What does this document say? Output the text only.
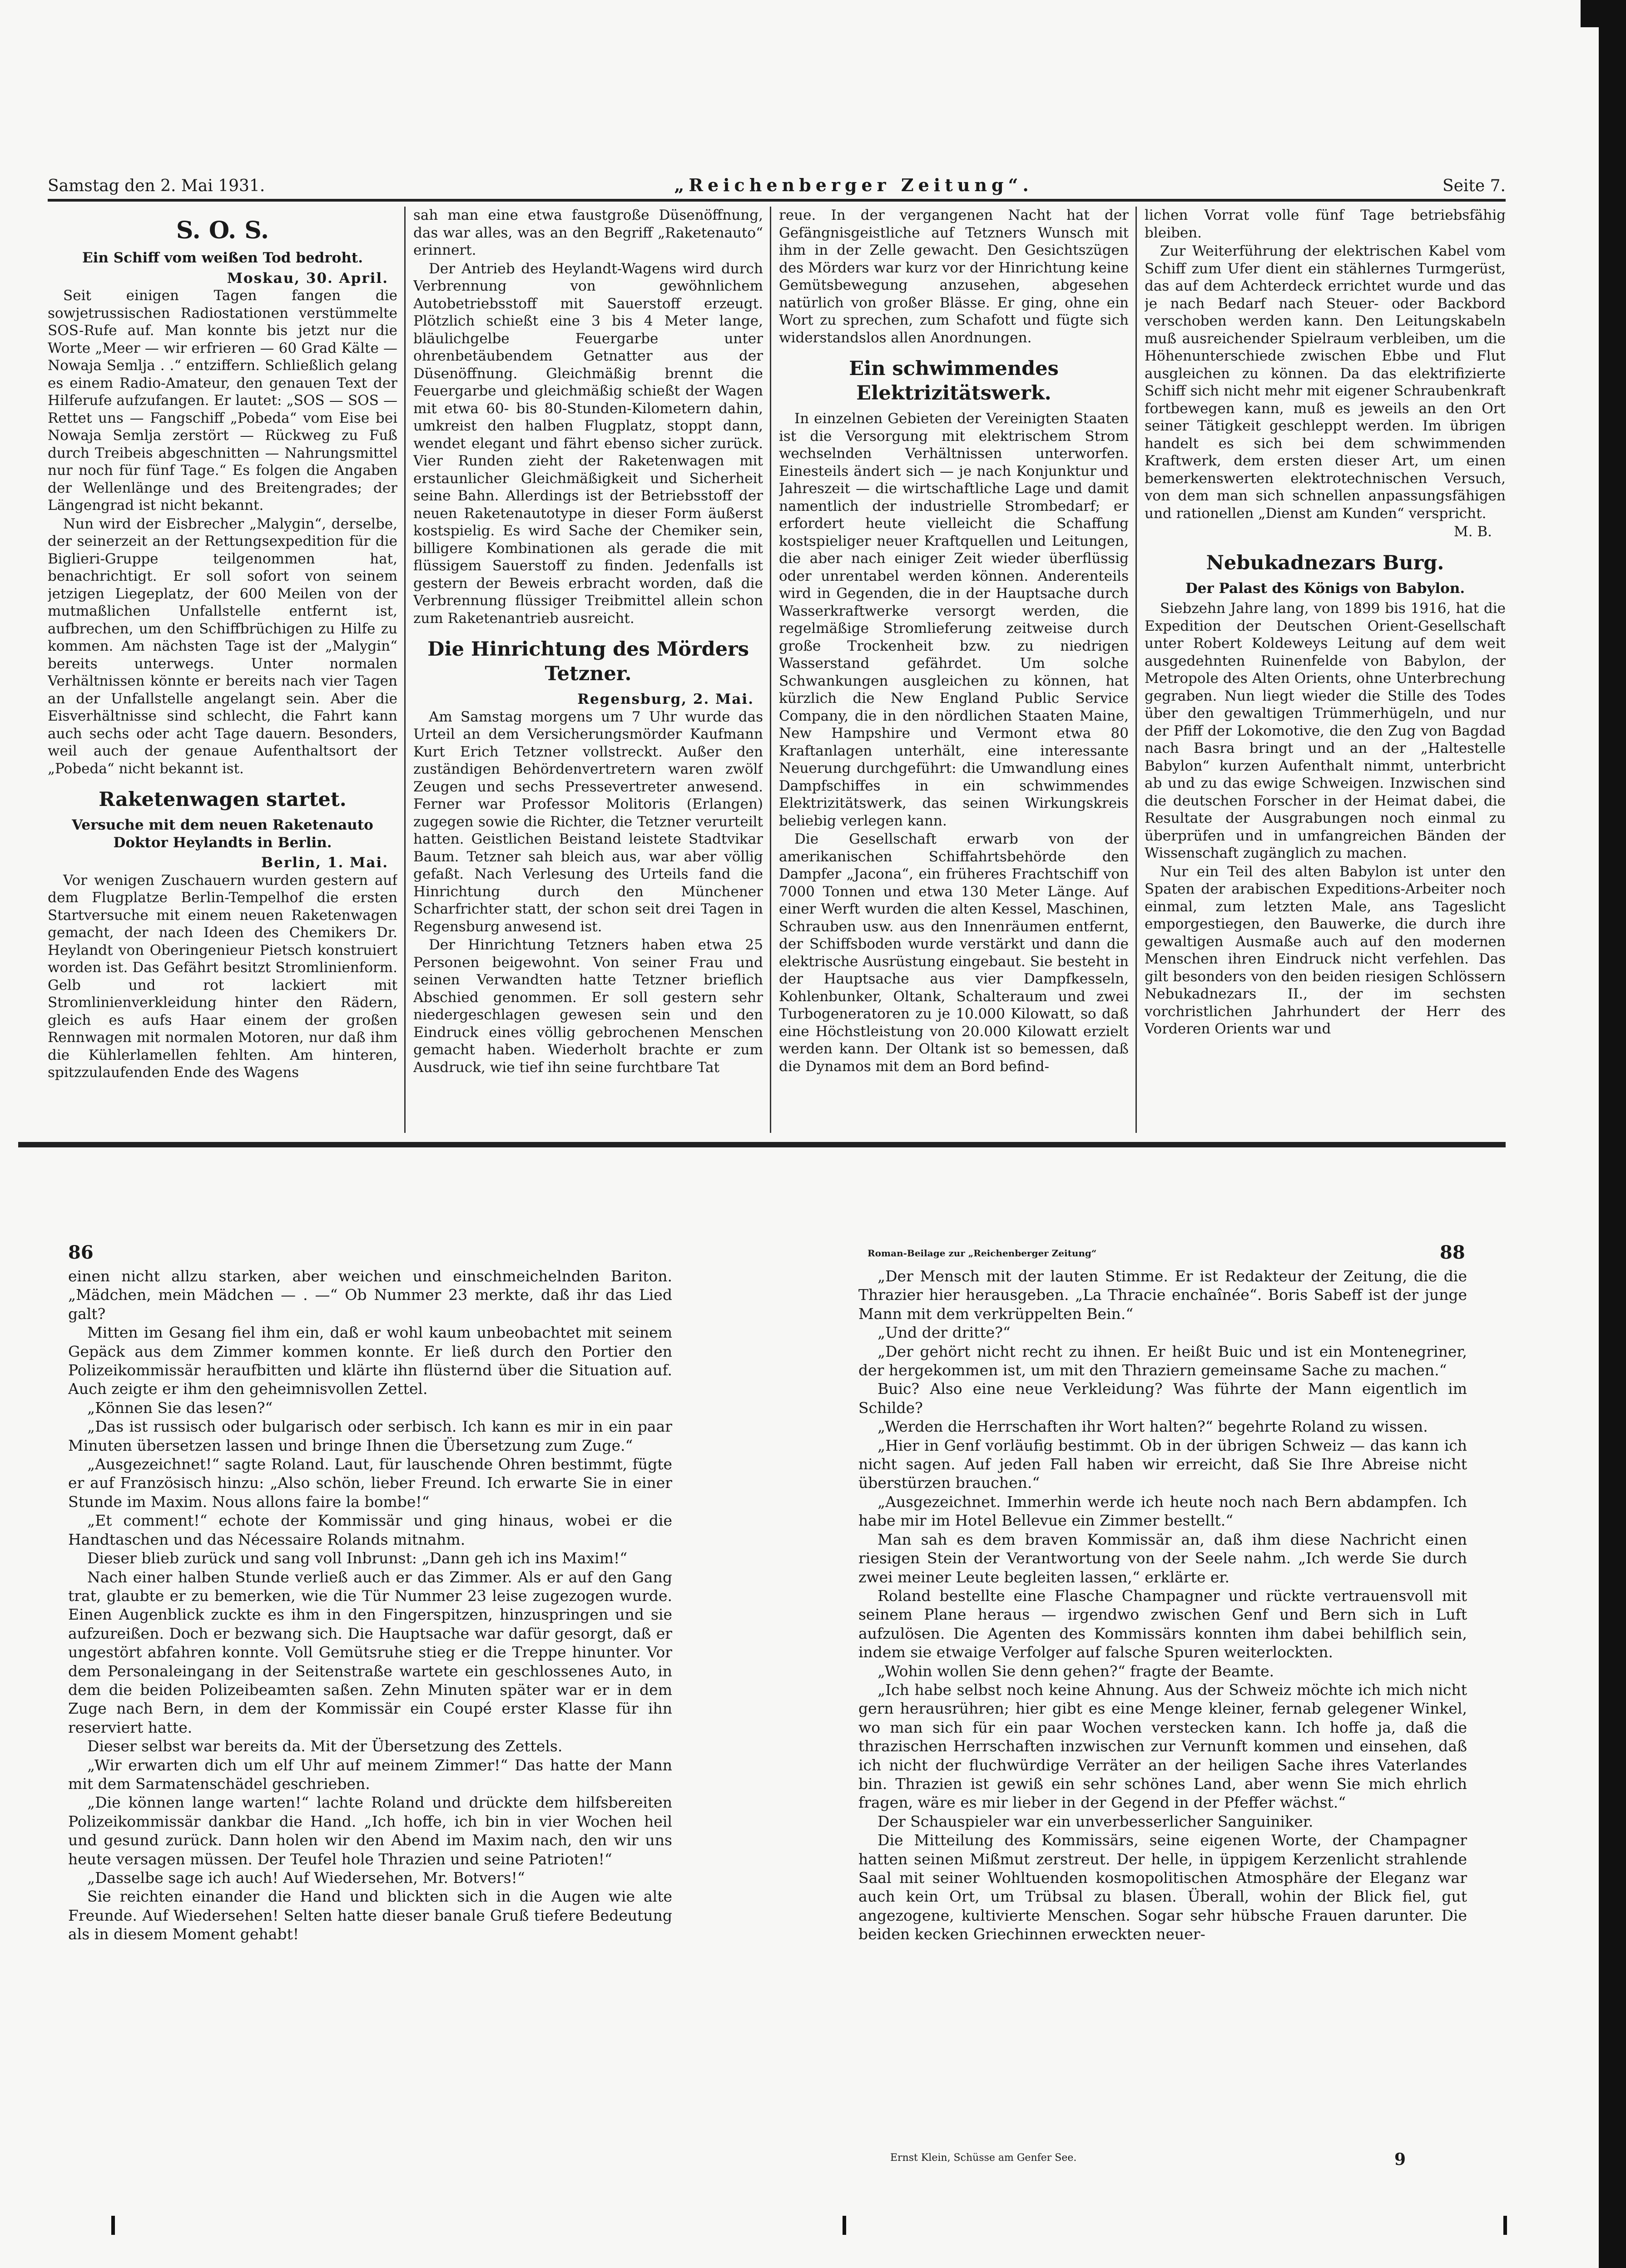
Samstag den 2. Mai 1931.	„Reichenberger Zeitung“.	Seite 7.
S. O. S.
Ein Schiff vom weißen Tod bedroht.
Moskau, 30. April.

Seit einigen Tagen fangen die sowjetrussischen Radiostationen verstümmelte SOS-Rufe auf. Man konnte bis jetzt nur die Worte „Meer — wir erfrieren — 60 Grad Kälte — Nowaja Semlja . .“ entziffern. Schließlich gelang es einem Radio-Amateur, den genauen Text der Hilferufe aufzufangen. Er lautet: „SOS — SOS — Rettet uns — Fangschiff „Pobeda“ vom Eise bei Nowaja Semlja zerstört — Rückweg zu Fuß durch Treibeis abgeschnitten — Nahrungsmittel nur noch für fünf Tage.“ Es folgen die Angaben der Wellenlänge und des Breitengrades; der Längengrad ist nicht bekannt.

Nun wird der Eisbrecher „Malygin“, derselbe, der seinerzeit an der Rettungsexpedition für die Biglieri-Gruppe teilgenommen hat, benachrichtigt. Er soll sofort von seinem jetzigen Liegeplatz, der 600 Meilen von der mutmaßlichen Unfallstelle entfernt ist, aufbrechen, um den Schiffbrüchigen zu Hilfe zu kommen. Am nächsten Tage ist der „Malygin“ bereits unterwegs. Unter normalen Verhältnissen könnte er bereits nach vier Tagen an der Unfallstelle angelangt sein. Aber die Eisverhältnisse sind schlecht, die Fahrt kann auch sechs oder acht Tage dauern. Besonders, weil auch der genaue Aufenthaltsort der „Pobeda“ nicht bekannt ist.

Raketenwagen startet.
Versuche mit dem neuen Raketenauto Doktor Heylandts in Berlin.
Berlin, 1. Mai.

Vor wenigen Zuschauern wurden gestern auf dem Flugplatze Berlin-Tempelhof die ersten Startversuche mit einem neuen Raketenwagen gemacht, der nach Ideen des Chemikers Dr. Heylandt von Oberingenieur Pietsch konstruiert worden ist. Das Gefährt besitzt Stromlinienform. Gelb und rot lackiert mit Stromlinienverkleidung hinter den Rädern, gleich es aufs Haar einem der großen Rennwagen mit normalen Motoren, nur daß ihm die Kühlerlamellen fehlten. Am hinteren, spitzzulaufenden Ende des Wagens

sah man eine etwa faustgroße Düsenöffnung, das war alles, was an den Begriff „Raketenauto“ erinnert.

Der Antrieb des Heylandt-Wagens wird durch Verbrennung von gewöhnlichem Autobetriebsstoff mit Sauerstoff erzeugt. Plötzlich schießt eine 3 bis 4 Meter lange, bläulichgelbe Feuergarbe unter ohrenbetäubendem Getnatter aus der Düsenöffnung. Gleichmäßig brennt die Feuergarbe und gleichmäßig schießt der Wagen mit etwa 60- bis 80-Stunden-Kilometern dahin, umkreist den halben Flugplatz, stoppt dann, wendet elegant und fährt ebenso sicher zurück. Vier Runden zieht der Raketenwagen mit erstaunlicher Gleichmäßigkeit und Sicherheit seine Bahn. Allerdings ist der Betriebsstoff der neuen Raketenautotype in dieser Form äußerst kostspielig. Es wird Sache der Chemiker sein, billigere Kombinationen als gerade die mit flüssigem Sauerstoff zu finden. Jedenfalls ist gestern der Beweis erbracht worden, daß die Verbrennung flüssiger Treibmittel allein schon zum Raketenantrieb ausreicht.

Die Hinrichtung des Mörders Tetzner.
Regensburg, 2. Mai.

Am Samstag morgens um 7 Uhr wurde das Urteil an dem Versicherungsmörder Kaufmann Kurt Erich Tetzner vollstreckt. Außer den zuständigen Behördenvertretern waren zwölf Zeugen und sechs Pressevertreter anwesend. Ferner war Professor Molitoris (Erlangen) zugegen sowie die Richter, die Tetzner verurteilt hatten. Geistlichen Beistand leistete Stadtvikar Baum. Tetzner sah bleich aus, war aber völlig gefaßt. Nach Verlesung des Urteils fand die Hinrichtung durch den Münchener Scharfrichter statt, der schon seit drei Tagen in Regensburg anwesend ist.

Der Hinrichtung Tetzners haben etwa 25 Personen beigewohnt. Von seiner Frau und seinen Verwandten hatte Tetzner brieflich Abschied genommen. Er soll gestern sehr niedergeschlagen gewesen sein und den Eindruck eines völlig gebrochenen Menschen gemacht haben. Wiederholt brachte er zum Ausdruck, wie tief ihn seine furchtbare Tat

reue. In der vergangenen Nacht hat der Gefängnisgeistliche auf Tetzners Wunsch mit ihm in der Zelle gewacht. Den Gesichtszügen des Mörders war kurz vor der Hinrichtung keine Gemütsbewegung anzusehen, abgesehen natürlich von großer Blässe. Er ging, ohne ein Wort zu sprechen, zum Schafott und fügte sich widerstandslos allen Anordnungen.

Ein schwimmendes Elektrizitätswerk.

In einzelnen Gebieten der Vereinigten Staaten ist die Versorgung mit elektrischem Strom wechselnden Verhältnissen unterworfen. Einesteils ändert sich — je nach Konjunktur und Jahreszeit — die wirtschaftliche Lage und damit namentlich der industrielle Strombedarf; er erfordert heute vielleicht die Schaffung kostspieliger neuer Kraftquellen und Leitungen, die aber nach einiger Zeit wieder überflüssig oder unrentabel werden können. Anderenteils wird in Gegenden, die in der Hauptsache durch Wasserkraftwerke versorgt werden, die regelmäßige Stromlieferung zeitweise durch große Trockenheit bzw. zu niedrigen Wasserstand gefährdet. Um solche Schwankungen ausgleichen zu können, hat kürzlich die New England Public Service Company, die in den nördlichen Staaten Maine, New Hampshire und Vermont etwa 80 Kraftanlagen unterhält, eine interessante Neuerung durchgeführt: die Umwandlung eines Dampfschiffes in ein schwimmendes Elektrizitätswerk, das seinen Wirkungskreis beliebig verlegen kann.

Die Gesellschaft erwarb von der amerikanischen Schiffahrtsbehörde den Dampfer „Jacona“, ein früheres Frachtschiff von 7000 Tonnen und etwa 130 Meter Länge. Auf einer Werft wurden die alten Kessel, Maschinen, Schrauben usw. aus den Innenräumen entfernt, der Schiffsboden wurde verstärkt und dann die elektrische Ausrüstung eingebaut. Sie besteht in der Hauptsache aus vier Dampfkesseln, Kohlenbunker, Oltank, Schalteraum und zwei Turbogeneratoren zu je 10.000 Kilowatt, so daß eine Höchstleistung von 20.000 Kilowatt erzielt werden kann. Der Oltank ist so bemessen, daß die Dynamos mit dem an Bord befind-

lichen Vorrat volle fünf Tage betriebsfähig bleiben.

Zur Weiterführung der elektrischen Kabel vom Schiff zum Ufer dient ein stählernes Turmgerüst, das auf dem Achterdeck errichtet wurde und das je nach Bedarf nach Steuer- oder Backbord verschoben werden kann. Den Leitungskabeln muß ausreichender Spielraum verbleiben, um die Höhenunterschiede zwischen Ebbe und Flut ausgleichen zu können. Da das elektrifizierte Schiff sich nicht mehr mit eigener Schraubenkraft fortbewegen kann, muß es jeweils an den Ort seiner Tätigkeit geschleppt werden. Im übrigen handelt es sich bei dem schwimmenden Kraftwerk, dem ersten dieser Art, um einen bemerkenswerten elektrotechnischen Versuch, von dem man sich schnellen anpassungsfähigen und rationellen „Dienst am Kunden“ verspricht.

M. B.
Nebukadnezars Burg.
Der Palast des Königs von Babylon.

Siebzehn Jahre lang, von 1899 bis 1916, hat die Expedition der Deutschen Orient-Gesellschaft unter Robert Koldeweys Leitung auf dem weit ausgedehnten Ruinenfelde von Babylon, der Metropole des Alten Orients, ohne Unterbrechung gegraben. Nun liegt wieder die Stille des Todes über den gewaltigen Trümmerhügeln, und nur der Pfiff der Lokomotive, die den Zug von Bagdad nach Basra bringt und an der „Haltestelle Babylon“ kurzen Aufenthalt nimmt, unterbricht ab und zu das ewige Schweigen. Inzwischen sind die deutschen Forscher in der Heimat dabei, die Resultate der Ausgrabungen noch einmal zu überprüfen und in umfangreichen Bänden der Wissenschaft zugänglich zu machen.

Nur ein Teil des alten Babylon ist unter den Spaten der arabischen Expeditions-Arbeiter noch einmal, zum letzten Male, ans Tageslicht emporgestiegen, den Bauwerke, die durch ihre gewaltigen Ausmaße auch auf den modernen Menschen ihren Eindruck nicht verfehlen. Das gilt besonders von den beiden riesigen Schlössern Nebukadnezars II., der im sechsten vorchristlichen Jahrhundert der Herr des Vorderen Orients war und

86

einen nicht allzu starken, aber weichen und einschmeichelnden Bariton. „Mädchen, mein Mädchen — . —“ Ob Nummer 23 merkte, daß ihr das Lied galt?

Mitten im Gesang fiel ihm ein, daß er wohl kaum unbeobachtet mit seinem Gepäck aus dem Zimmer kommen konnte. Er ließ durch den Portier den Polizeikommissär heraufbitten und klärte ihn flüsternd über die Situation auf. Auch zeigte er ihm den geheimnisvollen Zettel.

„Können Sie das lesen?“

„Das ist russisch oder bulgarisch oder serbisch. Ich kann es mir in ein paar Minuten übersetzen lassen und bringe Ihnen die Übersetzung zum Zuge.“

„Ausgezeichnet!“ sagte Roland. Laut, für lauschende Ohren bestimmt, fügte er auf Französisch hinzu: „Also schön, lieber Freund. Ich erwarte Sie in einer Stunde im Maxim. Nous allons faire la bombe!“

„Et comment!“ echote der Kommissär und ging hinaus, wobei er die Handtaschen und das Nécessaire Rolands mitnahm.

Dieser blieb zurück und sang voll Inbrunst: „Dann geh ich ins Maxim!“

Nach einer halben Stunde verließ auch er das Zimmer. Als er auf den Gang trat, glaubte er zu bemerken, wie die Tür Nummer 23 leise zugezogen wurde. Einen Augenblick zuckte es ihm in den Fingerspitzen, hinzuspringen und sie aufzureißen. Doch er bezwang sich. Die Hauptsache war dafür gesorgt, daß er ungestört abfahren konnte. Voll Gemütsruhe stieg er die Treppe hinunter. Vor dem Personaleingang in der Seitenstraße wartete ein geschlossenes Auto, in dem die beiden Polizeibeamten saßen. Zehn Minuten später war er in dem Zuge nach Bern, in dem der Kommissär ein Coupé erster Klasse für ihn reserviert hatte.

Dieser selbst war bereits da. Mit der Übersetzung des Zettels.

„Wir erwarten dich um elf Uhr auf meinem Zimmer!“ Das hatte der Mann mit dem Sarmatenschädel geschrieben.

„Die können lange warten!“ lachte Roland und drückte dem hilfsbereiten Polizeikommissär dankbar die Hand. „Ich hoffe, ich bin in vier Wochen heil und gesund zurück. Dann holen wir den Abend im Maxim nach, den wir uns heute versagen müssen. Der Teufel hole Thrazien und seine Patrioten!“

„Dasselbe sage ich auch! Auf Wiedersehen, Mr. Botvers!“

Sie reichten einander die Hand und blickten sich in die Augen wie alte Freunde. Auf Wiedersehen! Selten hatte dieser banale Gruß tiefere Bedeutung als in diesem Moment gehabt!

Roman-Beilage zur „Reichenberger Zeitung“	88

„Der Mensch mit der lauten Stimme. Er ist Redakteur der Zeitung, die die Thrazier hier herausgeben. „La Thracie enchaînée“. Boris Sabeff ist der junge Mann mit dem verkrüppelten Bein.“

„Und der dritte?“

„Der gehört nicht recht zu ihnen. Er heißt Buic und ist ein Montenegriner, der hergekommen ist, um mit den Thraziern gemeinsame Sache zu machen.“

Buic? Also eine neue Verkleidung? Was führte der Mann eigentlich im Schilde?

„Werden die Herrschaften ihr Wort halten?“ begehrte Roland zu wissen.

„Hier in Genf vorläufig bestimmt. Ob in der übrigen Schweiz — das kann ich nicht sagen. Auf jeden Fall haben wir erreicht, daß Sie Ihre Abreise nicht überstürzen brauchen.“

„Ausgezeichnet. Immerhin werde ich heute noch nach Bern abdampfen. Ich habe mir im Hotel Bellevue ein Zimmer bestellt.“

Man sah es dem braven Kommissär an, daß ihm diese Nachricht einen riesigen Stein der Verantwortung von der Seele nahm. „Ich werde Sie durch zwei meiner Leute begleiten lassen,“ erklärte er.

Roland bestellte eine Flasche Champagner und rückte vertrauensvoll mit seinem Plane heraus — irgendwo zwischen Genf und Bern sich in Luft aufzulösen. Die Agenten des Kommissärs konnten ihm dabei behilflich sein, indem sie etwaige Verfolger auf falsche Spuren weiterlockten.

„Wohin wollen Sie denn gehen?“ fragte der Beamte.

„Ich habe selbst noch keine Ahnung. Aus der Schweiz möchte ich mich nicht gern herausrühren; hier gibt es eine Menge kleiner, fernab gelegener Winkel, wo man sich für ein paar Wochen verstecken kann. Ich hoffe ja, daß die thrazischen Herrschaften inzwischen zur Vernunft kommen und einsehen, daß ich nicht der fluchwürdige Verräter an der heiligen Sache ihres Vaterlandes bin. Thrazien ist gewiß ein sehr schönes Land, aber wenn Sie mich ehrlich fragen, wäre es mir lieber in der Gegend in der Pfeffer wächst.“

Der Schauspieler war ein unverbesserlicher Sanguiniker.

Die Mitteilung des Kommissärs, seine eigenen Worte, der Champagner hatten seinen Mißmut zerstreut. Der helle, in üppigem Kerzenlicht strahlende Saal mit seiner Wohltuenden kosmopolitischen Atmosphäre der Eleganz war auch kein Ort, um Trübsal zu blasen. Überall, wohin der Blick fiel, gut angezogene, kultivierte Menschen. Sogar sehr hübsche Frauen darunter. Die beiden kecken Griechinnen erweckten neuer-

Ernst Klein, Schüsse am Genfer See.	9
